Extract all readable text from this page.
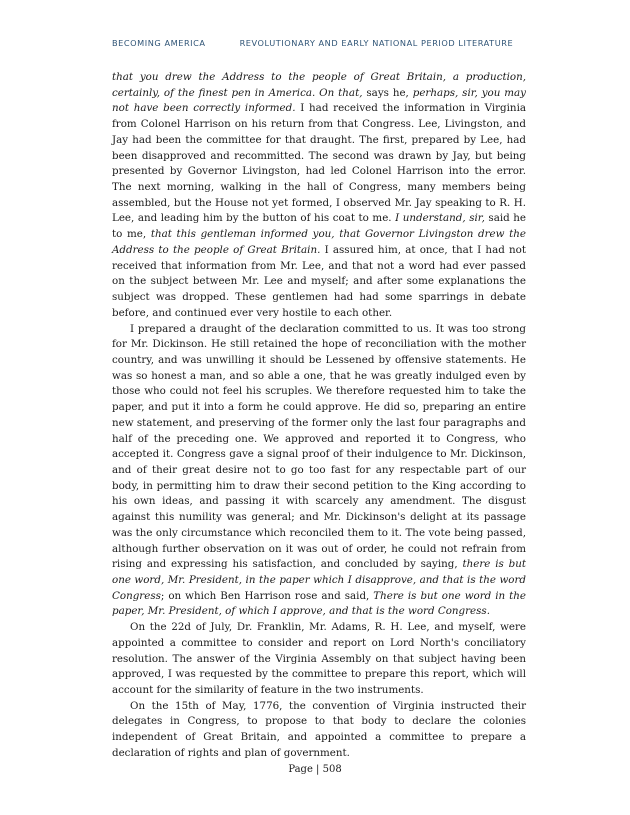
BECOMING AMERICA	REVOLUTIONARY AND EARLY NATIONAL PERIOD LITERATURE

that you drew the Address to the people of Great Britain, a production, certainly, of the finest pen in America. On that, says he, perhaps, sir, you may not have been correctly informed. I had received the information in Virginia from Colonel Harrison on his return from that Congress. Lee, Livingston, and Jay had been the committee for that draught. The first, prepared by Lee, had been disapproved and recommitted. The second was drawn by Jay, but being presented by Governor Livingston, had led Colonel Harrison into the error. The next morning, walking in the hall of Congress, many members being assembled, but the House not yet formed, I observed Mr. Jay speaking to R. H. Lee, and leading him by the button of his coat to me. I understand, sir, said he to me, that this gentleman informed you, that Governor Livingston drew the Address to the people of Great Britain. I assured him, at once, that I had not received that information from Mr. Lee, and that not a word had ever passed on the subject between Mr. Lee and myself; and after some explanations the subject was dropped. These gentlemen had had some sparrings in debate before, and continued ever very hostile to each other.

I prepared a draught of the declaration committed to us. It was too strong for Mr. Dickinson. He still retained the hope of reconciliation with the mother country, and was unwilling it should be Lessened by offensive statements. He was so honest a man, and so able a one, that he was greatly indulged even by those who could not feel his scruples. We therefore requested him to take the paper, and put it into a form he could approve. He did so, preparing an entire new statement, and preserving of the former only the last four paragraphs and half of the preceding one. We approved and reported it to Congress, who accepted it. Congress gave a signal proof of their indulgence to Mr. Dickinson, and of their great desire not to go too fast for any respectable part of our body, in permitting him to draw their second petition to the King according to his own ideas, and passing it with scarcely any amendment. The disgust against this numility was general; and Mr. Dickinson's delight at its passage was the only circumstance which reconciled them to it. The vote being passed, although further observation on it was out of order, he could not refrain from rising and expressing his satisfaction, and concluded by saying, there is but one word, Mr. President, in the paper which I disapprove, and that is the word Congress; on which Ben Harrison rose and said, There is but one word in the paper, Mr. President, of which I approve, and that is the word Congress.

On the 22d of July, Dr. Franklin, Mr. Adams, R. H. Lee, and myself, were appointed a committee to consider and report on Lord North's conciliatory resolution. The answer of the Virginia Assembly on that subject having been approved, I was requested by the committee to prepare this report, which will account for the similarity of feature in the two instruments.

On the 15th of May, 1776, the convention of Virginia instructed their delegates in Congress, to propose to that body to declare the colonies independent of Great Britain, and appointed a committee to prepare a declaration of rights and plan of government.

Page | 508
